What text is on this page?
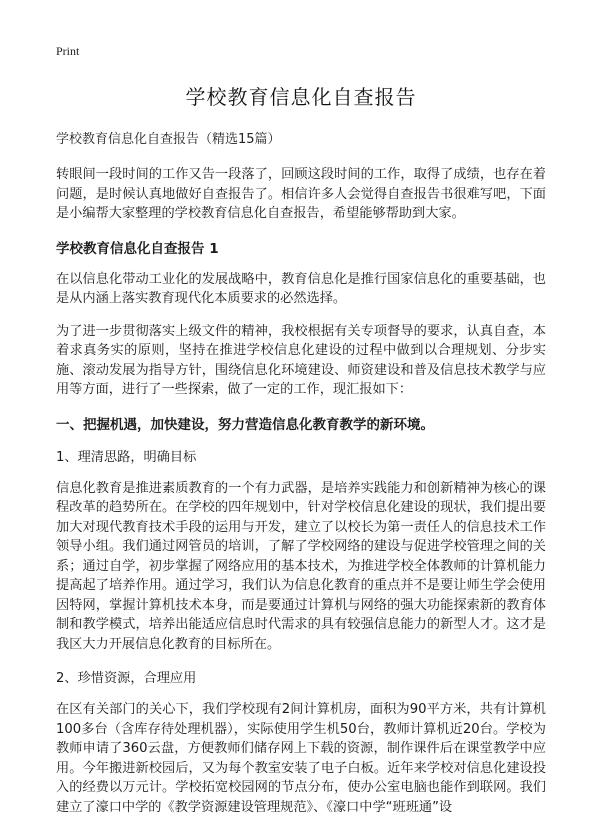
Print
学校教育信息化自查报告
学校教育信息化自查报告（精选15篇）

转眼间一段时间的工作又告一段落了，回顾这段时间的工作，取得了成绩，也存在着问题，是时候认真地做好自查报告了。相信许多人会觉得自查报告书很难写吧，下面是小编帮大家整理的学校教育信息化自查报告，希望能够帮助到大家。

学校教育信息化自查报告 1

在以信息化带动工业化的发展战略中，教育信息化是推行国家信息化的重要基础，也是从内涵上落实教育现代化本质要求的必然选择。

为了进一步贯彻落实上级文件的精神，我校根据有关专项督导的要求，认真自查，本着求真务实的原则，坚持在推进学校信息化建设的过程中做到以合理规划、分步实施、滚动发展为指导方针，围绕信息化环境建设、师资建设和普及信息技术教学与应用等方面，进行了一些探索，做了一定的工作，现汇报如下：

一、把握机遇，加快建设，努力营造信息化教育教学的新环境。
1、理清思路，明确目标

信息化教育是推进素质教育的一个有力武器，是培养实践能力和创新精神为核心的课程改革的趋势所在。在学校的四年规划中，针对学校信息化建设的现状，我们提出要加大对现代教育技术手段的运用与开发，建立了以校长为第一责任人的信息技术工作领导小组。我们通过网管员的培训，了解了学校网络的建设与促进学校管理之间的关系；通过自学，初步掌握了网络应用的基本技术，为推进学校全体教师的计算机能力提高起了培养作用。通过学习，我们认为信息化教育的重点并不是要让师生学会使用因特网，掌握计算机技术本身，而是要通过计算机与网络的强大功能探索新的教育体制和教学模式，培养出能适应信息时代需求的具有较强信息能力的新型人才。这才是我区大力开展信息化教育的目标所在。

2、珍惜资源，合理应用

在区有关部门的关心下，我们学校现有2间计算机房，面积为90平方米，共有计算机100多台（含库存待处理机器），实际使用学生机50台，教师计算机近20台。学校为教师申请了360云盘，方便教师们储存网上下载的资源，制作课件后在课堂教学中应用。今年搬进新校园后，又为每个教室安装了电子白板。近年来学校对信息化建设投入的经费以万元计。学校拓宽校园网的节点分布，使办公室电脑也能作到联网。我们建立了濠口中学的《教学资源建设管理规范》、《濠口中学“班班通”设
